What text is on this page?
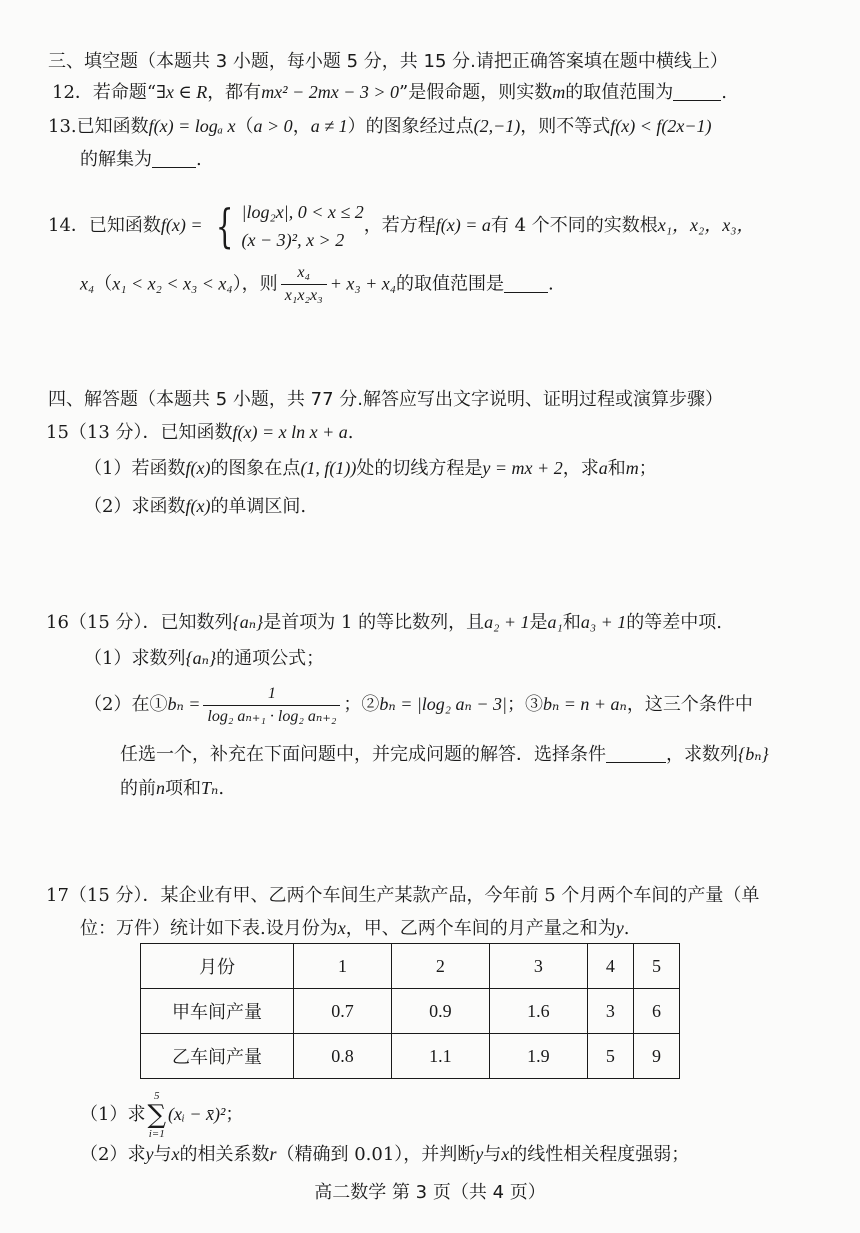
三、填空题（本题共 3 小题，每小题 5 分，共 15 分.请把正确答案填在题中横线上）
12．若命题“∃x ∈ R，都有mx² − 2mx − 3 > 0”是假命题，则实数m的取值范围为	.
13.已知函数f(x) = logₐ x（a > 0，a ≠ 1）的图象经过点(2,−1)，则不等式f(x) < f(2x−1)
的解集为 .
14．已知函数f(x) = { |log₂x|, 0 < x ≤ 2
(x − 3)², x > 2
，若方程f(x) = a有 4 个不同的实数根x₁，x₂，x₃，
x₄（x₁ < x₂ < x₃ < x₄），则 $\frac{\text{x₄}}{\text{x₁x₂x₃}} + x_3 + x_4$的取值范围是 .
四、解答题（本题共 5 小题，共 77 分.解答应写出文字说明、证明过程或演算步骤）
15（13 分）．已知函数f(x) = x ln x + a.
（1）若函数f(x)的图象在点(1, f(1))处的切线方程是y = mx + 2，求a和m；
（2）求函数f(x)的单调区间.
16（15 分）．已知数列{aₙ}是首项为 1 的等比数列，且a₂ + 1是a₁和a₃ + 1的等差中项.
（1）求数列{aₙ}的通项公式；
（2）在①bₙ = $\frac{1}{\text{log₂ aₙ₊₁ · log₂ aₙ₊₂}}$ ；②bₙ = |log₂ aₙ − 3|；③bₙ = n + aₙ，这三个条件中
任选一个，补充在下面问题中，并完成问题的解答．选择条件	，求数列{bₙ}
的前n项和Tₙ.
17（15 分）．某企业有甲、乙两个车间生产某款产品，今年前 5 个月两个车间的产量（单
位：万件）统计如下表.设月份为x，甲、乙两个车间的月产量之和为y.
月份	1	2	3	4	5
甲车间产量	0.7	0.9	1.6	3	6
乙车间产量	0.8	1.1	1.9	5	9
（1）求
5
∑
i=1
(xᵢ − x̄)²；
（2）求y与x的相关系数r（精确到 0.01），并判断y与x的线性相关程度强弱；
高二数学 第 3 页（共 4 页）
